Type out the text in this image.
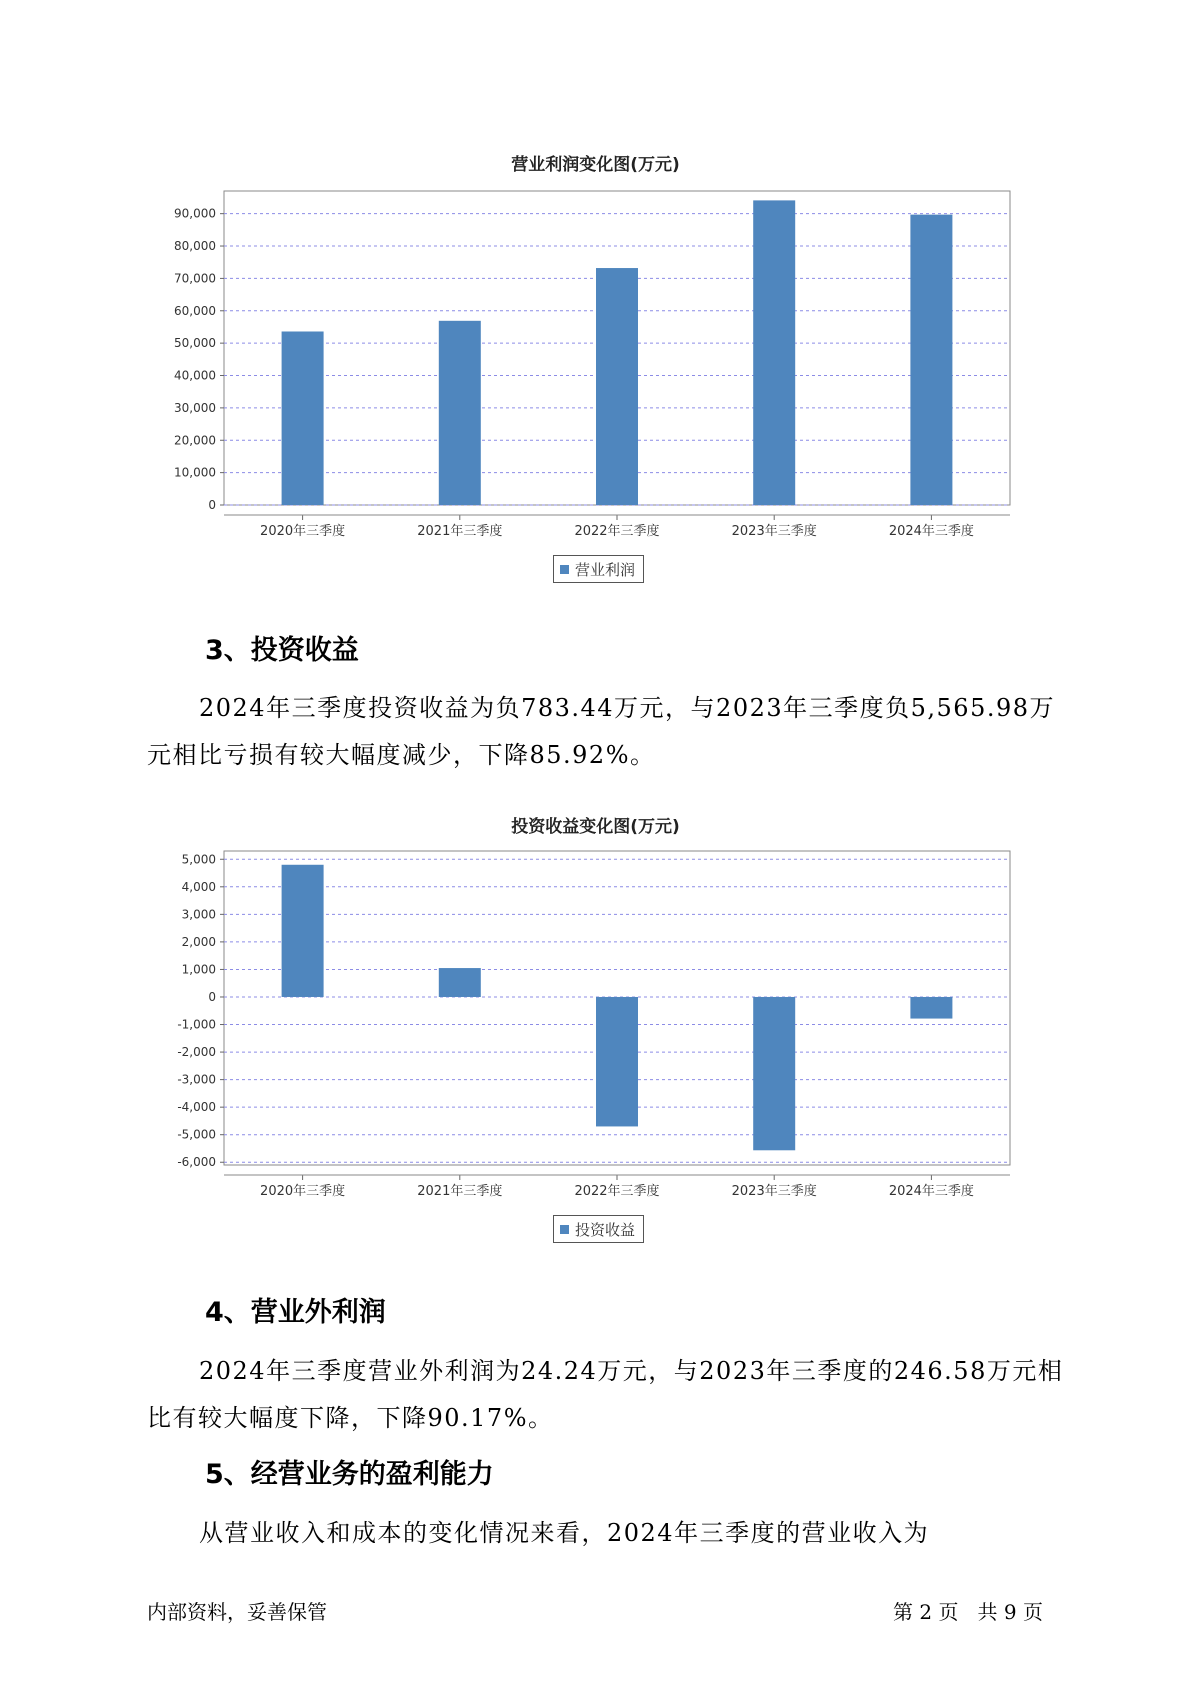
营业利润变化图(万元)
0
10,000
20,000
30,000
40,000
50,000
60,000
70,000
80,000
90,000
2020年三季度	2021年三季度	2022年三季度	2023年三季度	2024年三季度
营业利润
3、投资收益

2024年三季度投资收益为负783.44万元，与2023年三季度负5,565.98万元相比亏损有较大幅度减少，下降85.92%。

投资收益变化图(万元)
-6,000
-5,000
-4,000
-3,000
-2,000
-1,000
0
1,000
2,000
3,000
4,000
5,000
2020年三季度	2021年三季度	2022年三季度	2023年三季度	2024年三季度
投资收益
4、营业外利润

2024年三季度营业外利润为24.24万元，与2023年三季度的246.58万元相比有较大幅度下降，下降90.17%。

5、经营业务的盈利能力

从营业收入和成本的变化情况来看，2024年三季度的营业收入为

内部资料，妥善保管	第 2 页   共 9 页
